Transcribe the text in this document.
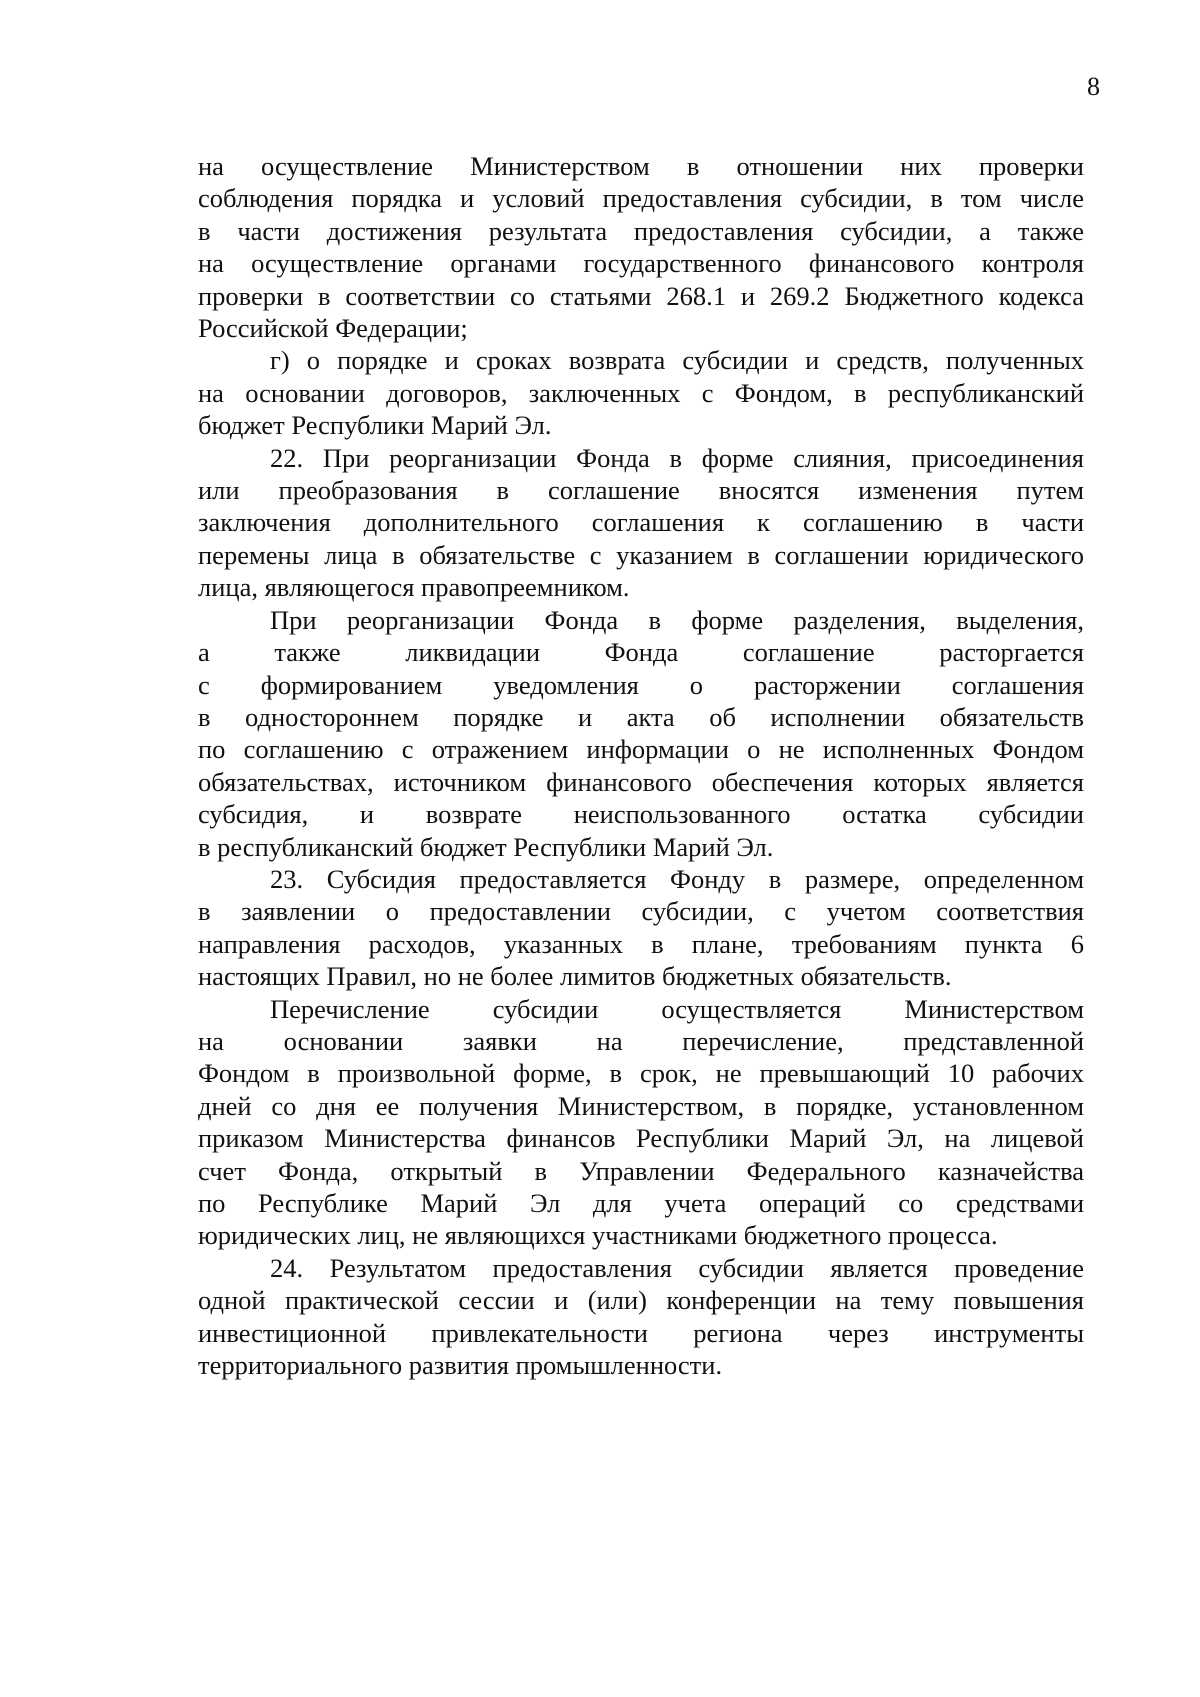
8

на осуществление Министерством в отношении них проверки
соблюдения порядка и условий предоставления субсидии, в том числе
в части достижения результата предоставления субсидии, а также
на осуществление органами государственного финансового контроля
проверки в соответствии со статьями 268.1 и 269.2 Бюджетного кодекса
Российской Федерации;

г) о порядке и сроках возврата субсидии и средств, полученных
на основании договоров, заключенных с Фондом, в республиканский
бюджет Республики Марий Эл.

22. При реорганизации Фонда в форме слияния, присоединения
или преобразования в соглашение вносятся изменения путем
заключения дополнительного соглашения к соглашению в части
перемены лица в обязательстве с указанием в соглашении юридического
лица, являющегося правопреемником.

При реорганизации Фонда в форме разделения, выделения,
а также ликвидации Фонда соглашение расторгается
с формированием уведомления о расторжении соглашения
в одностороннем порядке и акта об исполнении обязательств
по соглашению с отражением информации о не исполненных Фондом
обязательствах, источником финансового обеспечения которых является
субсидия, и возврате неиспользованного остатка субсидии
в республиканский бюджет Республики Марий Эл.

23. Субсидия предоставляется Фонду в размере, определенном
в заявлении о предоставлении субсидии, с учетом соответствия
направления расходов, указанных в плане, требованиям пункта 6
настоящих Правил, но не более лимитов бюджетных обязательств.

Перечисление субсидии осуществляется Министерством
на основании заявки на перечисление, представленной
Фондом в произвольной форме, в срок, не превышающий 10 рабочих
дней со дня ее получения Министерством, в порядке, установленном
приказом Министерства финансов Республики Марий Эл, на лицевой
счет Фонда, открытый в Управлении Федерального казначейства
по Республике Марий Эл для учета операций со средствами
юридических лиц, не являющихся участниками бюджетного процесса.

24. Результатом предоставления субсидии является проведение
одной практической сессии и (или) конференции на тему повышения
инвестиционной привлекательности региона через инструменты
территориального развития промышленности.
